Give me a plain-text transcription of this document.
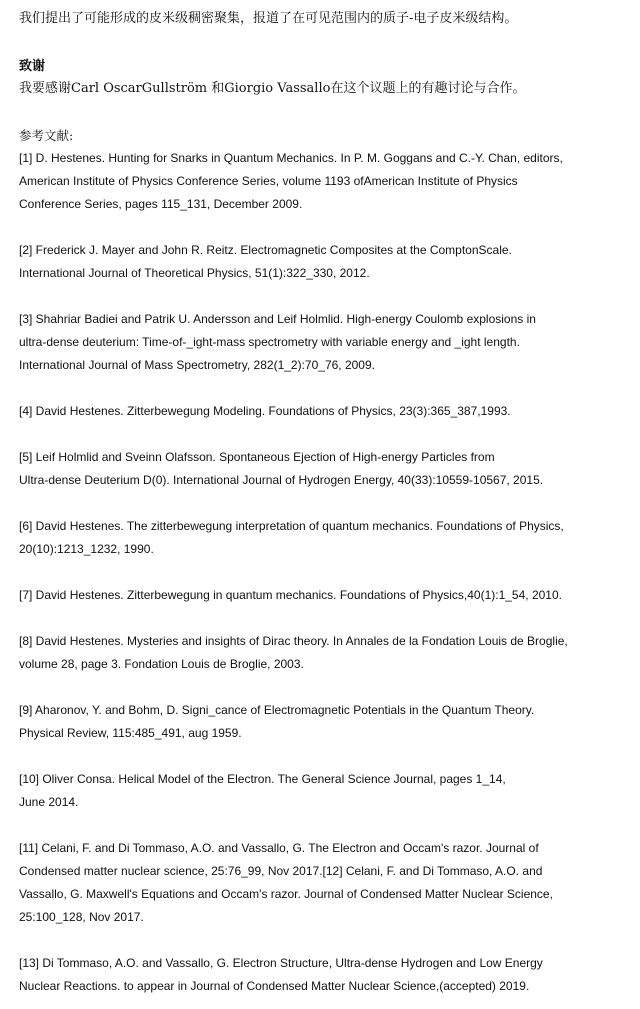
我们提出了可能形成的皮米级稠密聚集，报道了在可见范围内的质子-电子皮米级结构。
致谢
我要感谢Carl OscarGullström 和Giorgio Vassallo在这个议题上的有趣讨论与合作。
参考文献:
[1] D. Hestenes. Hunting for Snarks in Quantum Mechanics. In P. M. Goggans and C.-Y. Chan, editors,
American Institute of Physics Conference Series, volume 1193 ofAmerican Institute of Physics
Conference Series, pages 115_131, December 2009.
[2] Frederick J. Mayer and John R. Reitz. Electromagnetic Composites at the ComptonScale.
International Journal of Theoretical Physics, 51(1):322_330, 2012.
[3] Shahriar Badiei and Patrik U. Andersson and Leif Holmlid. High-energy Coulomb explosions in
ultra-dense deuterium: Time-of-_ight-mass spectrometry with variable energy and _ight length.
International Journal of Mass Spectrometry, 282(1_2):70_76, 2009.
[4] David Hestenes. Zitterbewegung Modeling. Foundations of Physics, 23(3):365_387,1993.
[5] Leif Holmlid and Sveinn Olafsson. Spontaneous Ejection of High-energy Particles from
Ultra-dense Deuterium D(0). International Journal of Hydrogen Energy, 40(33):10559-10567, 2015.
[6] David Hestenes. The zitterbewegung interpretation of quantum mechanics. Foundations of Physics,
20(10):1213_1232, 1990.
[7] David Hestenes. Zitterbewegung in quantum mechanics. Foundations of Physics,40(1):1_54, 2010.
[8] David Hestenes. Mysteries and insights of Dirac theory. In Annales de la Fondation Louis de Broglie,
volume 28, page 3. Fondation Louis de Broglie, 2003.
[9] Aharonov, Y. and Bohm, D. Signi_cance of Electromagnetic Potentials in the Quantum Theory.
Physical Review, 115:485_491, aug 1959.
[10] Oliver Consa. Helical Model of the Electron. The General Science Journal, pages 1_14,
June 2014.
[11] Celani, F. and Di Tommaso, A.O. and Vassallo, G. The Electron and Occam's razor. Journal of
Condensed matter nuclear science, 25:76_99, Nov 2017.[12] Celani, F. and Di Tommaso, A.O. and
Vassallo, G. Maxwell's Equations and Occam's razor. Journal of Condensed Matter Nuclear Science,
25:100_128, Nov 2017.
[13] Di Tommaso, A.O. and Vassallo, G. Electron Structure, Ultra-dense Hydrogen and Low Energy
Nuclear Reactions. to appear in Journal of Condensed Matter Nuclear Science,(accepted) 2019.
